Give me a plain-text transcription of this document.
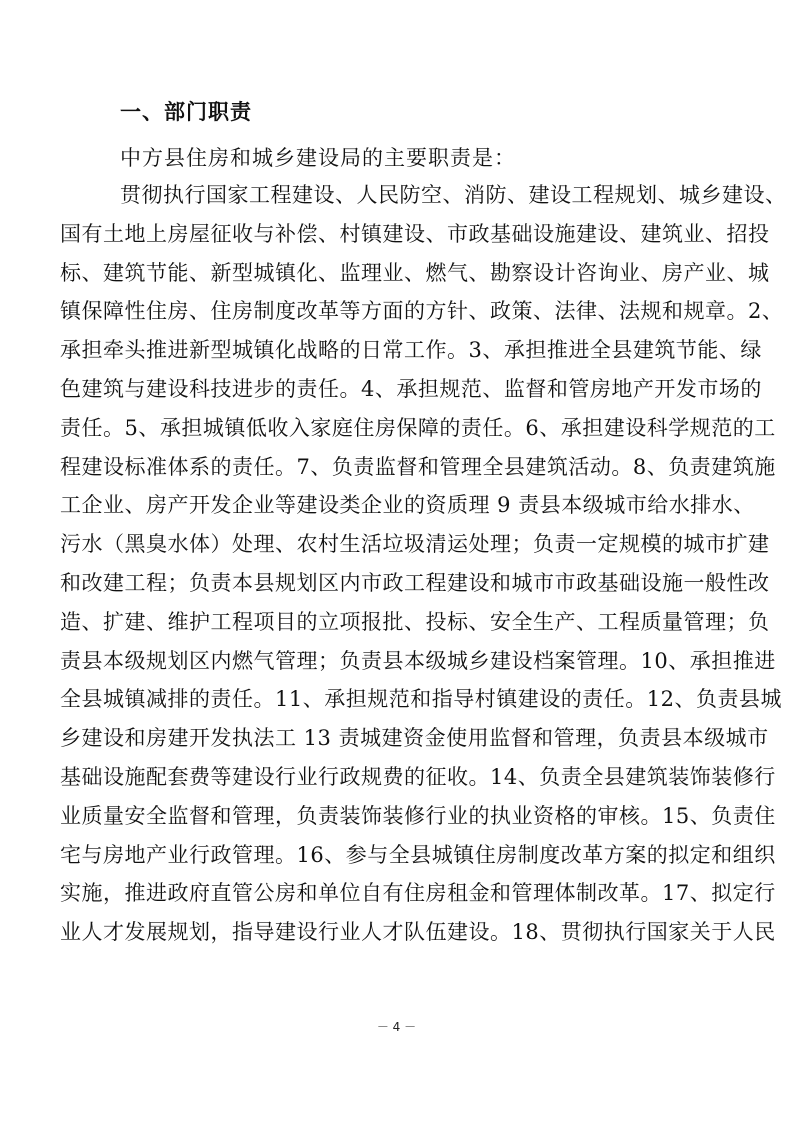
一、部门职责
中方县住房和城乡建设局的主要职责是：
贯彻执行国家工程建设、人民防空、消防、建设工程规划、城乡建设、
国有土地上房屋征收与补偿、村镇建设、市政基础设施建设、建筑业、招投
标、建筑节能、新型城镇化、监理业、燃气、勘察设计咨询业、房产业、城
镇保障性住房、住房制度改革等方面的方针、政策、法律、法规和规章。2、
承担牵头推进新型城镇化战略的日常工作。3、承担推进全县建筑节能、绿
色建筑与建设科技进步的责任。4、承担规范、监督和管房地产开发市场的
责任。5、承担城镇低收入家庭住房保障的责任。6、承担建设科学规范的工
程建设标准体系的责任。7、负责监督和管理全县建筑活动。8、负责建筑施
工企业、房产开发企业等建设类企业的资质理 9 责县本级城市给水排水、
污水（黑臭水体）处理、农村生活垃圾清运处理；负责一定规模的城市扩建
和改建工程；负责本县规划区内市政工程建设和城市市政基础设施一般性改
造、扩建、维护工程项目的立项报批、投标、安全生产、工程质量管理；负
责县本级规划区内燃气管理；负责县本级城乡建设档案管理。10、承担推进
全县城镇减排的责任。11、承担规范和指导村镇建设的责任。12、负责县城
乡建设和房建开发执法工 13 责城建资金使用监督和管理，负责县本级城市
基础设施配套费等建设行业行政规费的征收。14、负责全县建筑装饰装修行
业质量安全监督和管理，负责装饰装修行业的执业资格的审核。15、负责住
宅与房地产业行政管理。16、参与全县城镇住房制度改革方案的拟定和组织
实施，推进政府直管公房和单位自有住房租金和管理体制改革。17、拟定行
业人才发展规划，指导建设行业人才队伍建设。18、贯彻执行国家关于人民
－ 4 －
